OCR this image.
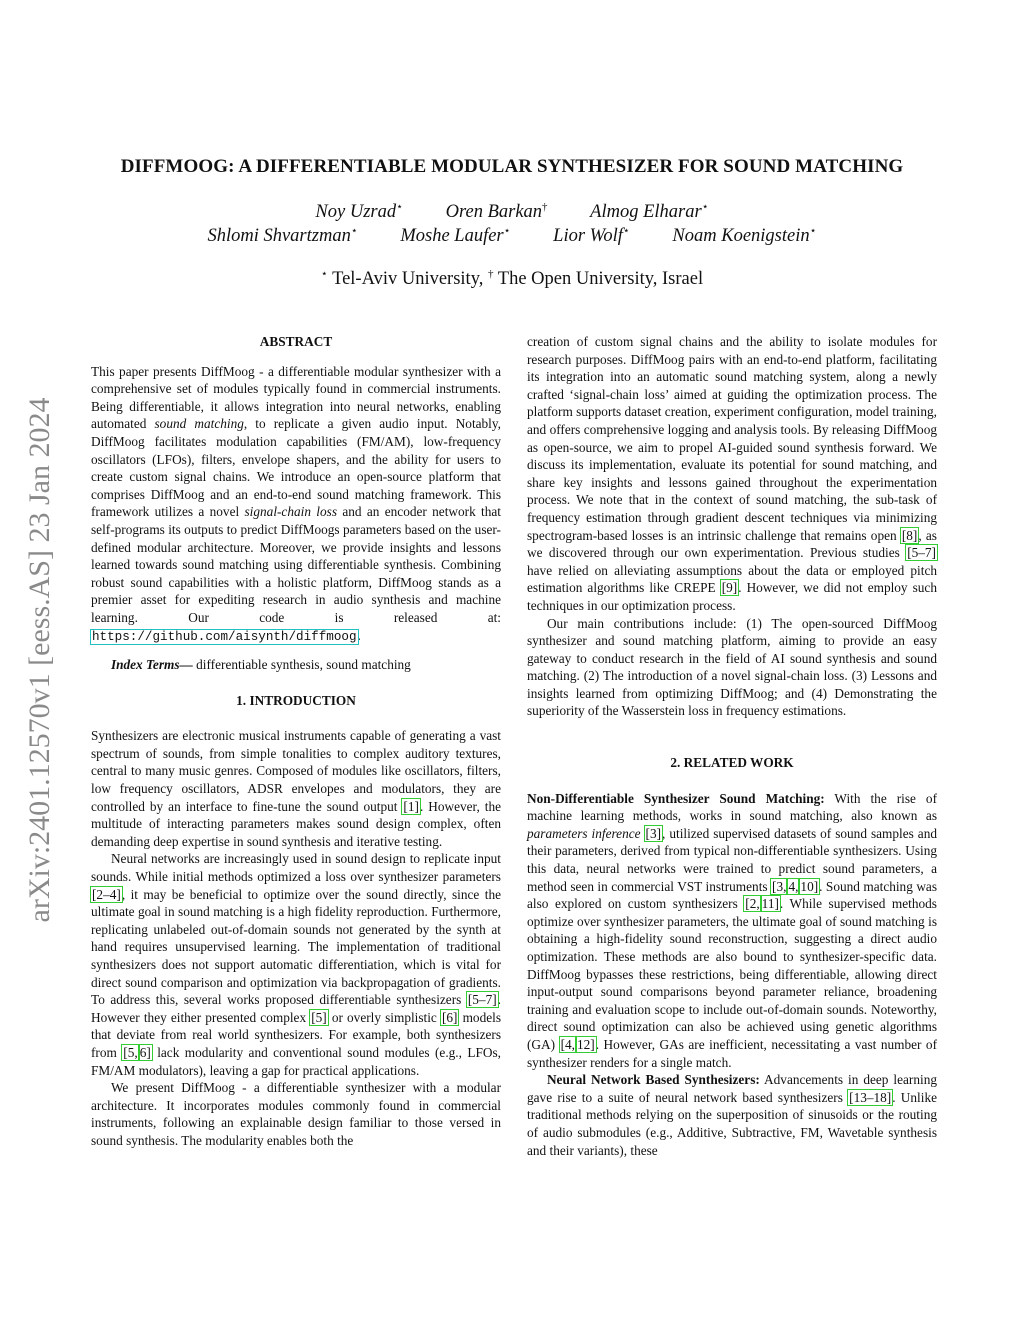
arXiv:2401.12570v1 [eess.AS] 23 Jan 2024
DIFFMOOG: A DIFFERENTIABLE MODULAR SYNTHESIZER FOR SOUND MATCHING
Noy Uzrad⋆ Oren Barkan† Almog Elharar⋆
Shlomi Shvartzman⋆ Moshe Laufer⋆ Lior Wolf⋆ Noam Koenigstein⋆
⋆ Tel-Aviv University, † The Open University, Israel
ABSTRACT

This paper presents DiffMoog - a differentiable modular synthesizer with a comprehensive set of modules typically found in commercial instruments. Being differentiable, it allows integration into neural networks, enabling automated sound matching, to replicate a given audio input. Notably, DiffMoog facilitates modulation capabilities (FM/AM), low-frequency oscillators (LFOs), filters, envelope shapers, and the ability for users to create custom signal chains. We introduce an open-source platform that comprises DiffMoog and an end-to-end sound matching framework. This framework utilizes a novel signal-chain loss and an encoder network that self-programs its outputs to predict DiffMoogs parameters based on the user-defined modular architecture. Moreover, we provide insights and lessons learned towards sound matching using differentiable synthesis. Combining robust sound capabilities with a holistic platform, DiffMoog stands as a premier asset for expediting research in audio synthesis and machine learning. Our code is released at: https://github.com/aisynth/diffmoog.

Index Terms— differentiable synthesis, sound matching

1. INTRODUCTION

Synthesizers are electronic musical instruments capable of generating a vast spectrum of sounds, from simple tonalities to complex auditory textures, central to many music genres. Composed of modules like oscillators, filters, low frequency oscillators, ADSR envelopes and modulators, they are controlled by an interface to fine-tune the sound output [1]. However, the multitude of interacting parameters makes sound design complex, often demanding deep expertise in sound synthesis and iterative testing.

Neural networks are increasingly used in sound design to replicate input sounds. While initial methods optimized a loss over synthesizer parameters [2–4], it may be beneficial to optimize over the sound directly, since the ultimate goal in sound matching is a high fidelity reproduction. Furthermore, replicating unlabeled out-of-domain sounds not generated by the synth at hand requires unsupervised learning. The implementation of traditional synthesizers does not support automatic differentiation, which is vital for direct sound comparison and optimization via backpropagation of gradients. To address this, several works proposed differentiable synthesizers [5–7]. However they either presented complex [5] or overly simplistic [6] models that deviate from real world synthesizers. For example, both synthesizers from [5, 6] lack modularity and conventional sound modules (e.g., LFOs, FM/AM modulators), leaving a gap for practical applications.

We present DiffMoog - a differentiable synthesizer with a modular architecture. It incorporates modules commonly found in commercial instruments, following an explainable design familiar to those versed in sound synthesis. The modularity enables both the

creation of custom signal chains and the ability to isolate modules for research purposes. DiffMoog pairs with an end-to-end platform, facilitating its integration into an automatic sound matching system, along a newly crafted ‘signal-chain loss’ aimed at guiding the optimization process. The platform supports dataset creation, experiment configuration, model training, and offers comprehensive logging and analysis tools. By releasing DiffMoog as open-source, we aim to propel AI-guided sound synthesis forward. We discuss its implementation, evaluate its potential for sound matching, and share key insights and lessons gained throughout the experimentation process. We note that in the context of sound matching, the sub-task of frequency estimation through gradient descent techniques via minimizing spectrogram-based losses is an intrinsic challenge that remains open [8], as we discovered through our own experimentation. Previous studies [5–7] have relied on alleviating assumptions about the data or employed pitch estimation algorithms like CREPE [9]. However, we did not employ such techniques in our optimization process.

Our main contributions include: (1) The open-sourced DiffMoog synthesizer and sound matching platform, aiming to provide an easy gateway to conduct research in the field of AI sound synthesis and sound matching. (2) The introduction of a novel signal-chain loss. (3) Lessons and insights learned from optimizing DiffMoog; and (4) Demonstrating the superiority of the Wasserstein loss in frequency estimations.

2. RELATED WORK

Non-Differentiable Synthesizer Sound Matching: With the rise of machine learning methods, works in sound matching, also known as parameters inference [3], utilized supervised datasets of sound samples and their parameters, derived from typical non-differentiable synthesizers. Using this data, neural networks were trained to predict sound parameters, a method seen in commercial VST instruments [3, 4, 10]. Sound matching was also explored on custom synthesizers [2, 11]. While supervised methods optimize over synthesizer parameters, the ultimate goal of sound matching is obtaining a high-fidelity sound reconstruction, suggesting a direct audio optimization. These methods are also bound to synthesizer-specific data. DiffMoog bypasses these restrictions, being differentiable, allowing direct input-output sound comparisons beyond parameter reliance, broadening training and evaluation scope to include out-of-domain sounds. Noteworthy, direct sound optimization can also be achieved using genetic algorithms (GA) [4, 12]. However, GAs are inefficient, necessitating a vast number of synthesizer renders for a single match.

Neural Network Based Synthesizers: Advancements in deep learning gave rise to a suite of neural network based synthesizers [13–18]. Unlike traditional methods relying on the superposition of sinusoids or the routing of audio submodules (e.g., Additive, Subtractive, FM, Wavetable synthesis and their variants), these
